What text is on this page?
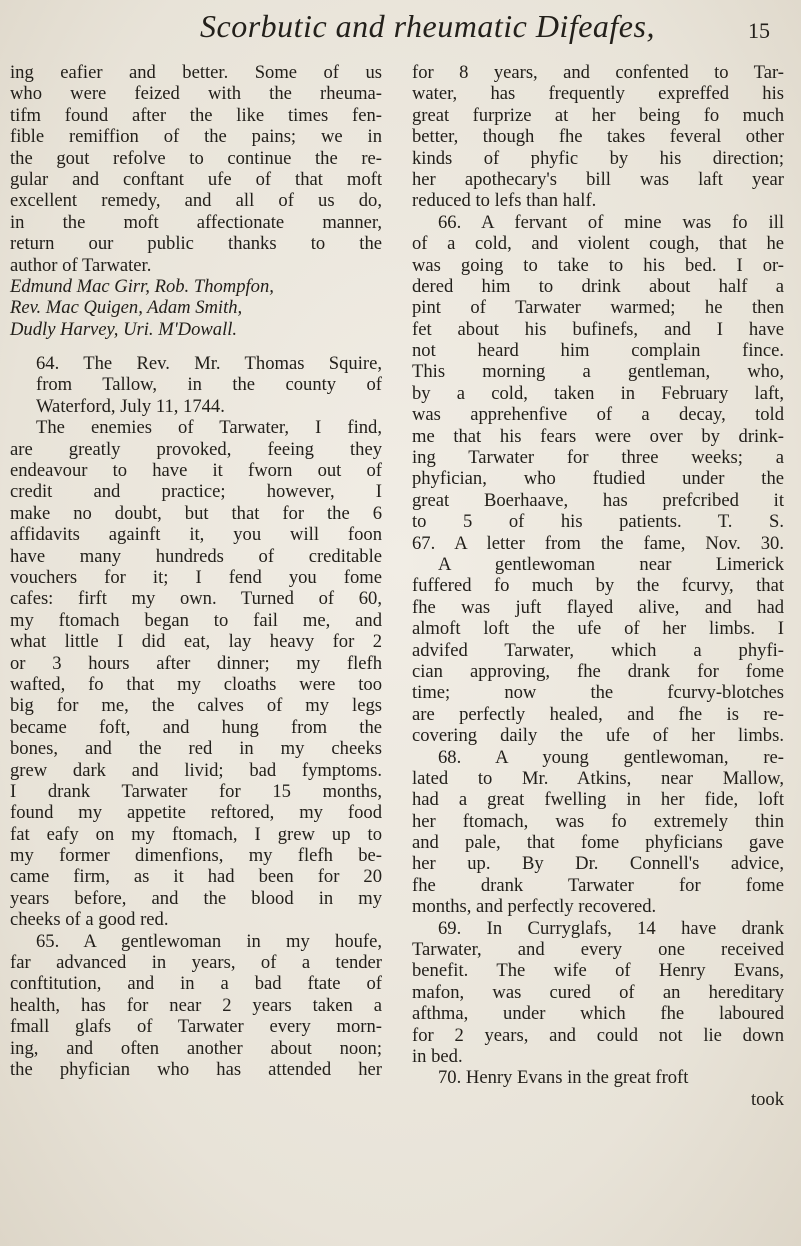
Scorbutic and rheumatic Difeafes,	15
ing eafier and better. Some of us
who were feized with the rheuma-
tifm found after the like times fen-
fible remiffion of the pains; we in
the gout refolve to continue the re-
gular and conftant ufe of that moft
excellent remedy, and all of us do,
in the moft affectionate manner,
return our public thanks to the
author of Tarwater.
Edmund Mac Girr, Rob. Thompfon,
Rev. Mac Quigen, Adam Smith,
Dudly Harvey, Uri. M'Dowall.
64. The Rev. Mr. Thomas Squire,
from Tallow, in the county of
Waterford, July 11, 1744.
The enemies of Tarwater, I find,
are greatly provoked, feeing they
endeavour to have it fworn out of
credit and practice; however, I
make no doubt, but that for the 6
affidavits againft it, you will foon
have many hundreds of creditable
vouchers for it; I fend you fome
cafes: firft my own. Turned of 60,
my ftomach began to fail me, and
what little I did eat, lay heavy for 2
or 3 hours after dinner; my flefh
wafted, fo that my cloaths were too
big for me, the calves of my legs
became foft, and hung from the
bones, and the red in my cheeks
grew dark and livid; bad fymptoms.
I drank Tarwater for 15 months,
found my appetite reftored, my food
fat eafy on my ftomach, I grew up to
my former dimenfions, my flefh be-
came firm, as it had been for 20
years before, and the blood in my
cheeks of a good red.
65. A gentlewoman in my houfe,
far advanced in years, of a tender
conftitution, and in a bad ftate of
health, has for near 2 years taken a
fmall glafs of Tarwater every morn-
ing, and often another about noon;
the phyfician who has attended her
for 8 years, and confented to Tar-
water, has frequently expreffed his
great furprize at her being fo much
better, though fhe takes feveral other
kinds of phyfic by his direction;
her apothecary's bill was laft year
reduced to lefs than half.
66. A fervant of mine was fo ill
of a cold, and violent cough, that he
was going to take to his bed. I or-
dered him to drink about half a
pint of Tarwater warmed; he then
fet about his bufinefs, and I have
not heard him complain fince.
This morning a gentleman, who,
by a cold, taken in February laft,
was apprehenfive of a decay, told
me that his fears were over by drink-
ing Tarwater for three weeks; a
phyfician, who ftudied under the
great Boerhaave, has prefcribed it
to 5 of his patients. T. S.
67. A letter from the fame, Nov. 30.
A gentlewoman near Limerick
fuffered fo much by the fcurvy, that
fhe was juft flayed alive, and had
almoft loft the ufe of her limbs. I
advifed Tarwater, which a phyfi-
cian approving, fhe drank for fome
time; now the fcurvy-blotches
are perfectly healed, and fhe is re-
covering daily the ufe of her limbs.
68. A young gentlewoman, re-
lated to Mr. Atkins, near Mallow,
had a great fwelling in her fide, loft
her ftomach, was fo extremely thin
and pale, that fome phyficians gave
her up. By Dr. Connell's advice,
fhe drank Tarwater for fome
months, and perfectly recovered.
69. In Curryglafs, 14 have drank
Tarwater, and every one received
benefit. The wife of Henry Evans,
mafon, was cured of an hereditary
afthma, under which fhe laboured
for 2 years, and could not lie down
in bed.
70. Henry Evans in the great froft
took
